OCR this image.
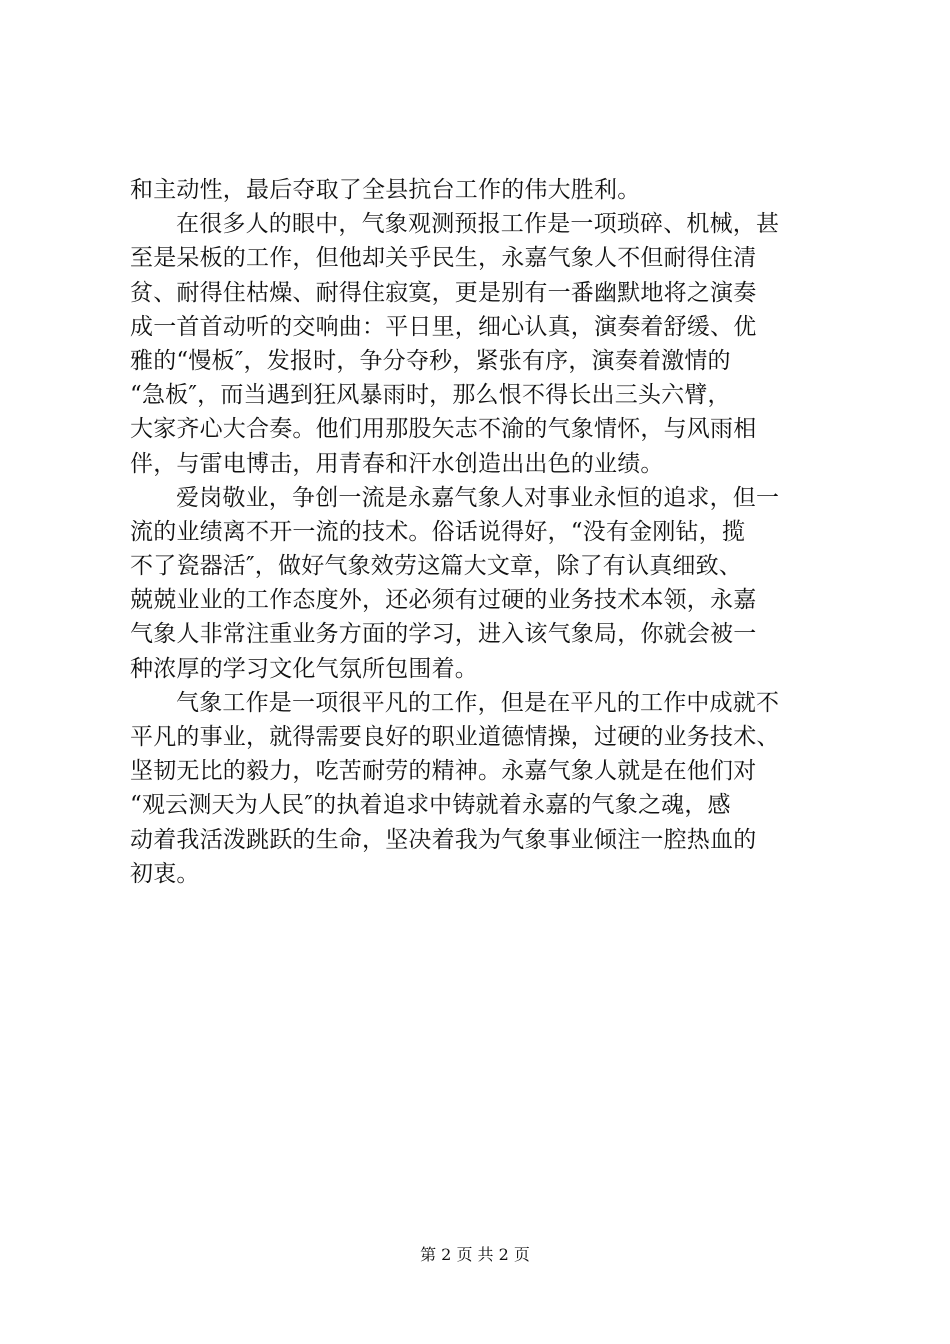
和主动性，最后夺取了全县抗台工作的伟大胜利。
在很多人的眼中，气象观测预报工作是一项琐碎、机械，甚
至是呆板的工作，但他却关乎民生，永嘉气象人不但耐得住清
贫、耐得住枯燥、耐得住寂寞，更是别有一番幽默地将之演奏
成一首首动听的交响曲：平日里，细心认真，演奏着舒缓、优
雅的“慢板″，发报时，争分夺秒，紧张有序，演奏着激情的
“急板″，而当遇到狂风暴雨时，那么恨不得长出三头六臂，
大家齐心大合奏。他们用那股矢志不渝的气象情怀，与风雨相
伴，与雷电博击，用青春和汗水创造出出色的业绩。
爱岗敬业，争创一流是永嘉气象人对事业永恒的追求，但一
流的业绩离不开一流的技术。俗话说得好，“没有金刚钻，揽
不了瓷器活″，做好气象效劳这篇大文章，除了有认真细致、
兢兢业业的工作态度外，还必须有过硬的业务技术本领，永嘉
气象人非常注重业务方面的学习，进入该气象局，你就会被一
种浓厚的学习文化气氛所包围着。
气象工作是一项很平凡的工作，但是在平凡的工作中成就不
平凡的事业，就得需要良好的职业道德情操，过硬的业务技术、
坚韧无比的毅力，吃苦耐劳的精神。永嘉气象人就是在他们对
“观云测天为人民″的执着追求中铸就着永嘉的气象之魂，感
动着我活泼跳跃的生命，坚决着我为气象事业倾注一腔热血的
初衷。
第 2 页 共 2 页
